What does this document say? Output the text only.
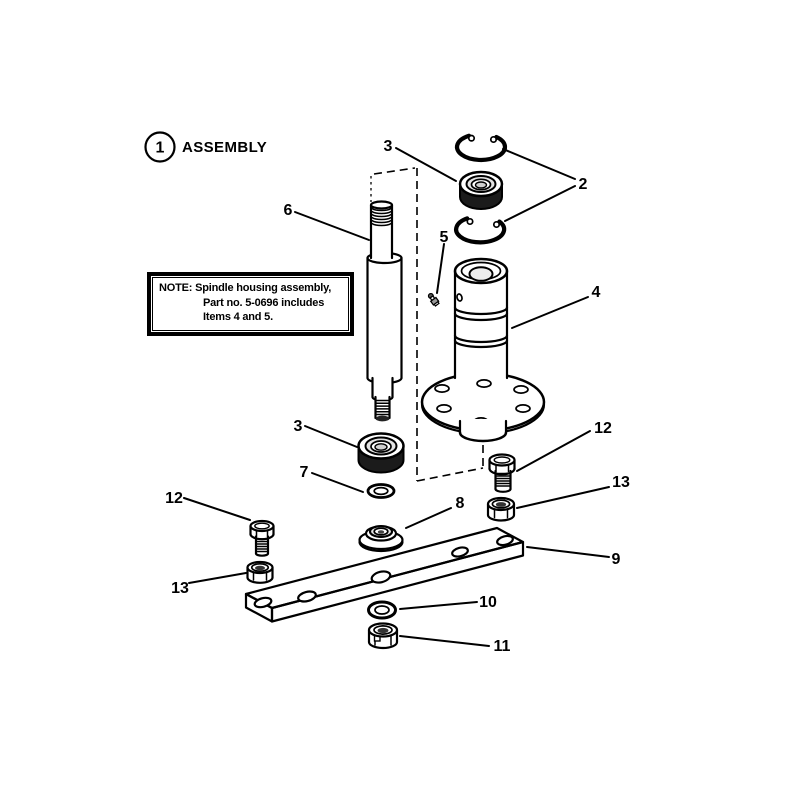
1 ASSEMBLY	3
2
6
5
4
3
7
8
12
13
9
10
11
12
13
NOTE: Spindle housing assembly,
Part no. 5-0696 includes
Items 4 and 5.
